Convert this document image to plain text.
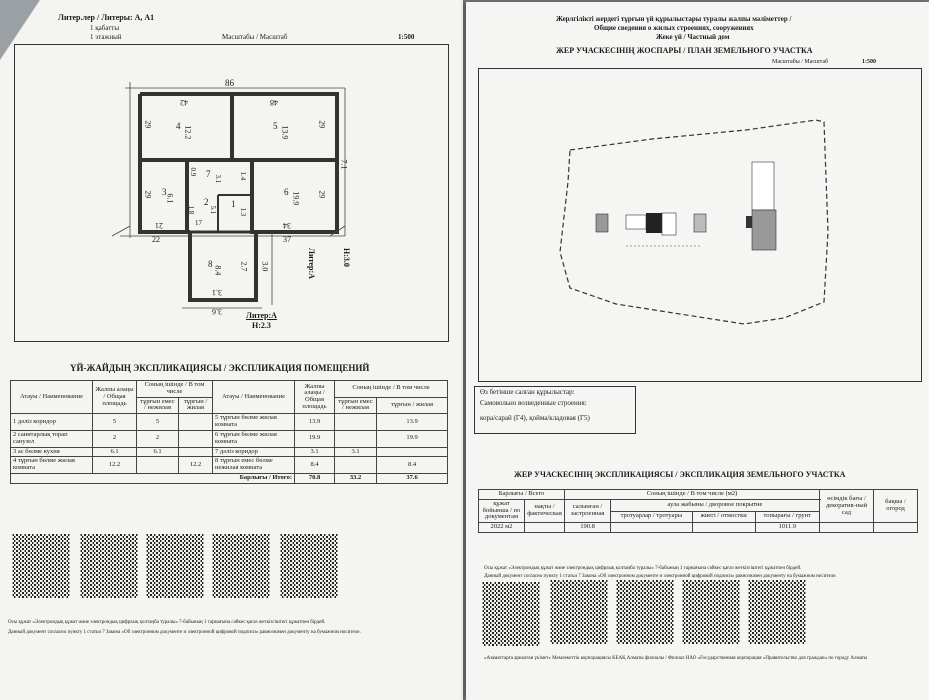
Литер.лер / Литеры: А, А1
1 қабатты
1 этажный	Масштабы / Масштаб	1:500
86
42	48
29	29
7.1
4 12.2	5 13.9
29 3
6.1
6 19.9 29
7 3.1
0.9	1.4
1.8
2
5.1
1
1.3
17
22
21
37
34
8
8.4 2.7 3.0
3.1
3.6
Литер:А	Н:3.0
Литер:А
Н:2.3
ҮЙ-ЖАЙДЫҢ ЭКСПЛИКАЦИЯСЫ / ЭКСПЛИКАЦИЯ ПОМЕЩЕНИЙ
Атауы / Наименование	Жалпы алаңы / Общая площадь	Соның ішінде / В том числе		Атауы / Наименование	Жалпы алаңы / Общая площадь	Соның ішінде / В том числе	
		тұрғын емес / нежилая	тұрғын / жилая			тұрғын емес / нежилая	тұрғын / жилая
1 дәліз коридор	5	5		5 тұрғын бөлме жилая комната	13.9		13.9
2 санитарлық торап санузел	2	2		6 тұрғын бөлме жилая комната	19.9		19.9
3 ас бөлме кухня	6.1	6.1		7 дәліз коридор	3.1	3.1	
4 тұрғын бөлме жилая комната	12.2		12.2	8 тұрғын емес бөлме нежилая комната	8.4		8.4
Барлығы / Итого:					70.8	33.2	37.6
Осы құжат «Электрондық құжат және электрондық цифрлық қолтаңба туралы» 7-бабының 1 тармағына сәйкес қағаз жеткізгіштегі құжатпен бірдей.
Данный документ согласно пункту 1 статьи 7 Закона «Об электронном документе и электронной цифровой подписи» равнозначен документу на бумажном носителе.
Жерлгілікті жердегі тұрғын үй құрылыстары туралы жалпы мәліметтер /
Общие сведения о жилых строениях, сооружениях
Жеке үй / Частный дом
ЖЕР УЧАСКЕСІНІҢ ЖОСПАРЫ / ПЛАН ЗЕМЕЛЬНОГО УЧАСТКА
Масштабы / Масштаб	1:500
Өз бетінше салған құрылыстар:
Самовольно возведенные строения:
кора/сарай (Г4), қойма/кладовая (Г5)
ЖЕР УЧАСКЕСІНІҢ ЭКСПЛИКАЦИЯСЫ / ЭКСПЛИКАЦИЯ ЗЕМЕЛЬНОГО УЧАСТКА
Барлығы / Всего		Соның ішінде / В том числе (м2)				өсімдік бағы / декоратив-ный сад	бақша / огород
құжат бойынша / по документам	нақты / фактическая	салынған / застроенная	аула жабыны / дворовое покрытие				
			тротуарлар / тротуары	жиегі / отмостки	топырағы / грунт		
2022 м2		190.8			1011.9		
Осы құжат «Электрондық құжат және электрондық цифрлық қолтаңба туралы» 7-бабының 1 тармағына сәйкес қағаз жеткізгіштегі құжатпен бірдей.
Данный документ согласно пункту 1 статьи 7 Закона «Об электронном документе и электронной цифровой подписи» равнозначен документу на бумажном носителе.
«Азаматтарға арналған үкімет» Мемлекеттік корпорациясы КЕАҚ Алматы филиалы / Филиал НАО «Государственная корпорация «Правительство для граждан» по городу Алматы
